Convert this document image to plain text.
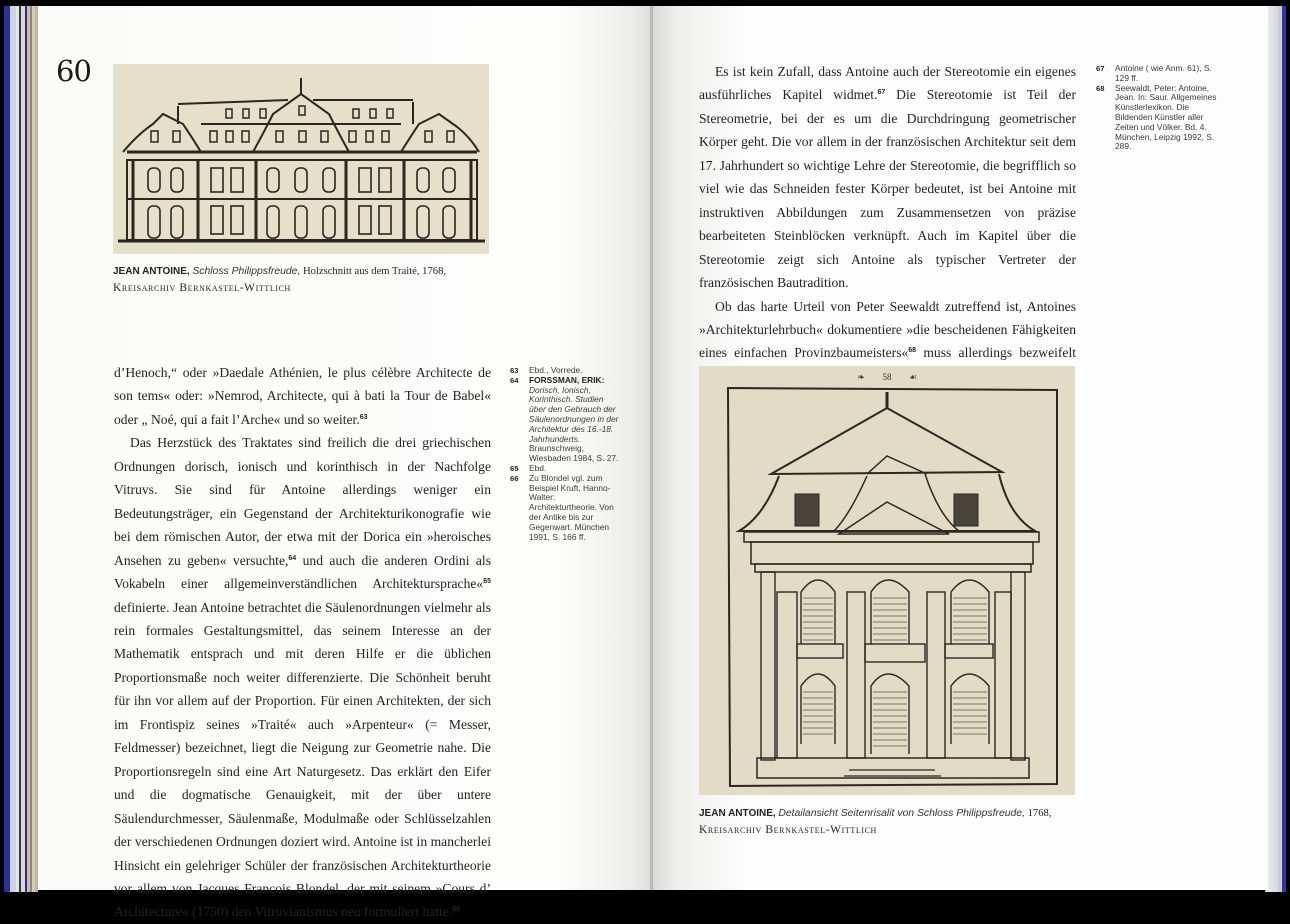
60
JEAN ANTOINE, Schloss Philippsfreude, Holzschnitt aus dem Traité, 1768,
Kreisarchiv Bernkastel-Wittlich

d’Henoch,“ oder »Daedale Athénien, le plus célèbre Architecte de son tems« oder: »Nemrod, Architecte, qui à bati la Tour de Babel« oder „ Noé, qui a fait l’Arche« und so weiter.$^{63}$

Das Herzstück des Traktates sind freilich die drei griechischen Ordnungen dorisch, ionisch und korinthisch in der Nachfolge Vitruvs. Sie sind für Antoine allerdings weniger ein Bedeutungsträger, ein Gegenstand der Architekturikonografie wie bei dem römischen Autor, der etwa mit der Dorica ein »heroisches Ansehen zu geben« versuchte,$^{64}$ und auch die anderen Ordini als Vokabeln einer allgemeinverständlichen Architektursprache«$^{65}$ definierte. Jean Antoine betrachtet die Säulenordnungen vielmehr als rein formales Gestaltungsmittel, das seinem Interesse an der Mathematik entsprach und mit deren Hilfe er die üblichen Proportionsmaße noch weiter differenzierte. Die Schönheit beruht für ihn vor allem auf der Proportion. Für einen Architekten, der sich im Frontispiz seines »Traité« auch »Arpenteur« (= Messer, Feldmesser) bezeichnet, liegt die Neigung zur Geometrie nahe. Die Proportionsregeln sind eine Art Naturgesetz. Das erklärt den Eifer und die dogmatische Genauigkeit, mit der über untere Säulendurchmesser, Säulenmaße, Modulmaße oder Schlüsselzahlen der verschiedenen Ordnungen doziert wird. Antoine ist in mancherlei Hinsicht ein gelehriger Schüler der französischen Architekturtheorie vor allem von Jacques François Blondel, der mit seinem »Cours d’ Architecture« (1750) den Vitruvianismus neu formuliert hatte.$^{66}$

63	Ebd., Vorrede.
64	FORSSMAN, ERIK: Dorisch, Ionisch, Korinthisch. Studien über den Gebrauch der Säulenordnungen in der Architektur des 16.-18. Jahrhunderts. Braunschweig, Wiesbaden 1984, S. 27.
65	Ebd.
66	Zu Blondel vgl. zum Beispiel Kruft, Hanno-Walter: Architekturtheorie. Von der Antike bis zur Gegenwart. München 1991, S. 166 ff.

Es ist kein Zufall, dass Antoine auch der Stereotomie ein eigenes ausführliches Kapitel widmet.$^{67}$ Die Stereotomie ist Teil der Stereometrie, bei der es um die Durchdringung geometrischer Körper geht. Die vor allem in der französischen Architektur seit dem 17. Jahrhundert so wichtige Lehre der Stereotomie, die begrifflich so viel wie das Schneiden fester Körper bedeutet, ist bei Antoine mit instruktiven Abbildungen zum Zusammensetzen von präzise bearbeiteten Steinblöcken verknüpft. Auch im Kapitel über die Stereotomie zeigt sich Antoine als typischer Vertreter der französischen Bautradition.

Ob das harte Urteil von Peter Seewaldt zutreffend ist, Antoines »Architekturlehrbuch« dokumentiere »die bescheidenen Fähigkeiten eines einfachen Provinzbaumeisters«$^{68}$ muss allerdings bezweifelt

67	Antoine ( wie Anm. 61), S. 129 ff.
68	Seewaldt, Peter: Antoine, Jean. In: Saur. Allgemeines Künstlerlexikon. Die Bildenden Künstler aller Zeiten und Völker. Bd. 4. München, Leipzig 1992, S. 289.
58
❧	☙
JEAN ANTOINE, Detailansicht Seitenrisalit von Schloss Philippsfreude, 1768,
Kreisarchiv Bernkastel-Wittlich
